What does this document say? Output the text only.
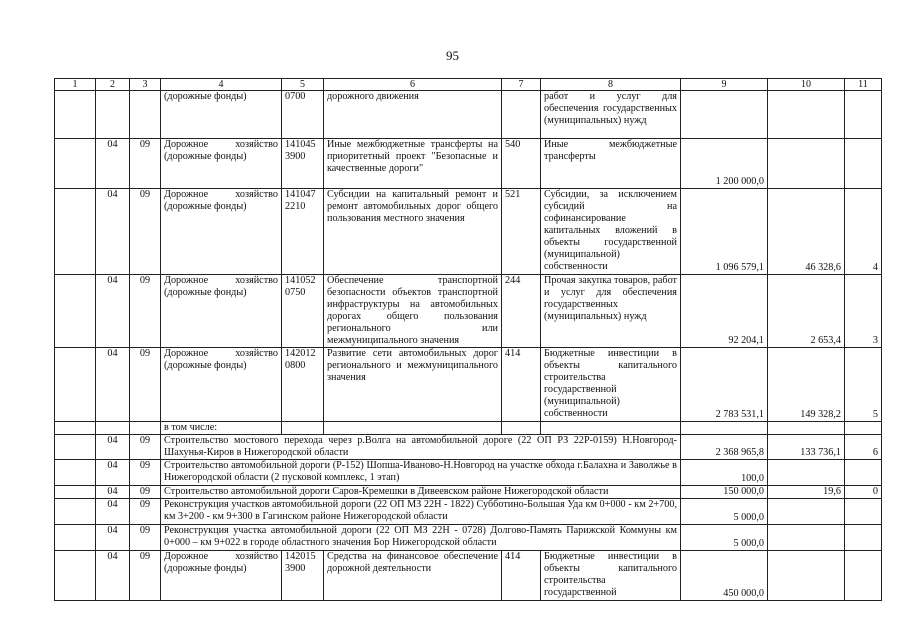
95
1	2	3	4	5	6	7	8	9	10	11
			(дорожные фонды)	0700	дорожного движения		работ и услуг для обеспечения государственных (муниципальных) нужд			
	04	09	Дорожное хозяйство (дорожные фонды)	141045 3900	Иные межбюджетные трансферты на приоритетный проект "Безопасные и качественные дороги"	540	Иные межбюджетные трансферты	1 200 000,0		
	04	09	Дорожное хозяйство (дорожные фонды)	141047 2210	Субсидии на капитальный ремонт и ремонт автомобильных дорог общего пользования местного значения	521	Субсидии, за исключением субсидий на софинансирование капитальных вложений в объекты государственной (муниципальной) собственности	1 096 579,1	46 328,6	4
	04	09	Дорожное хозяйство (дорожные фонды)	141052 0750	Обеспечение транспортной безопасности объектов транспортной инфраструктуры на автомобильных дорогах общего пользования регионального или межмуниципального значения	244	Прочая закупка товаров, работ и услуг для обеспечения государственных (муниципальных) нужд	92 204,1	2 653,4	3
	04	09	Дорожное хозяйство (дорожные фонды)	142012 0800	Развитие сети автомобильных дорог регионального и межмуниципального значения	414	Бюджетные инвестиции в объекты капитального строительства государственной (муниципальной) собственности	2 783 531,1	149 328,2	5
			в том числе:							
	04	09	Строительство мостового перехода через р.Волга на автомобильной дороге (22 ОП РЗ 22Р-0159) Н.Новгород-Шахунья-Киров в Нижегородской области					2 368 965,8	133 736,1	6
	04	09	Строительство автомобильной дороги (Р-152) Шопша-Иваново-Н.Новгород на участке обхода г.Балахна и Заволжье в Нижегородской области (2 пусковой комплекс, 1 этап)					100,0		
	04	09	Строительство автомобильной дороги Саров-Кремешки в Дивеевском районе Нижегородской области					150 000,0	19,6	0
	04	09	Реконструкция участков автомобильной дороги (22 ОП МЗ 22Н - 1822) Субботино-Большая Уда км 0+000 - км 2+700, км 3+200 - км 9+300 в Гагинском районе Нижегородской области					5 000,0		
	04	09	Реконструкция участка автомобильной дороги (22 ОП МЗ 22Н - 0728) Долгово-Память Парижской Коммуны км 0+000 – км 9+022 в городе областного значения Бор Нижегородской области					5 000,0		
	04	09	Дорожное хозяйство (дорожные фонды)	142015 3900	Средства на финансовое обеспечение дорожной деятельности	414	Бюджетные инвестиции в объекты капитального строительства государственной	450 000,0		
